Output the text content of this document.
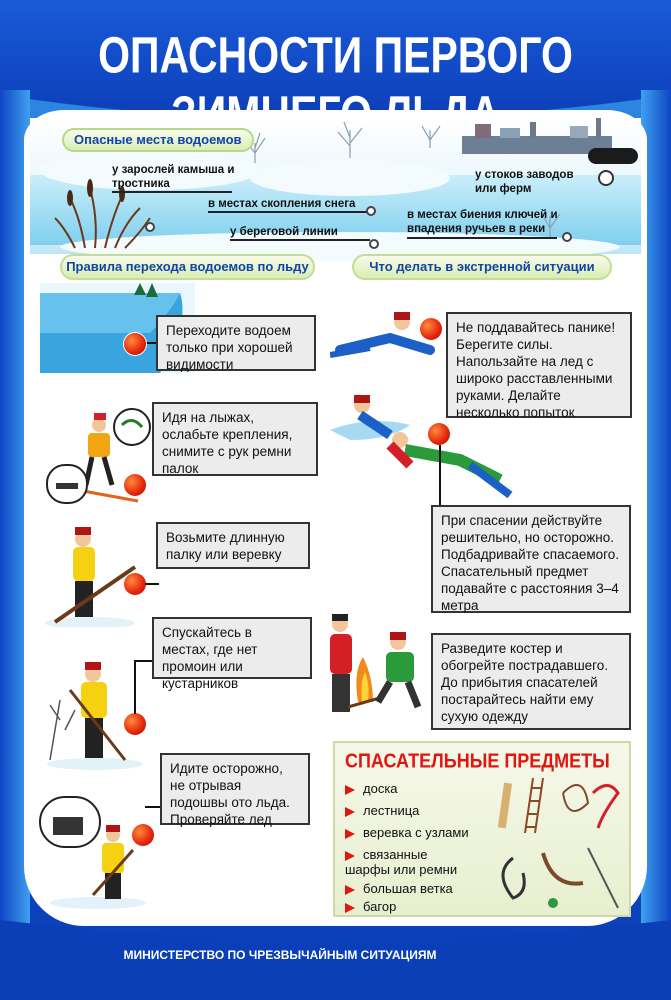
ОПАСНОСТИ ПЕРВОГО
Опасные места водоемов
у зарослей камыша и тростника
в местах скопления снега
у береговой линии
у стоков заводов или ферм
в местах биения ключей и впадения ручьев в реки
Правила перехода водоемов по льду	Что делать в экстренной ситуации
Переходите водоем только при хорошей видимости
Идя на лыжах, ослабьте крепления, снимите с рук ремни палок
Возьмите длинную палку или веревку
Спускайтесь в местах, где нет промоин или кустарников
Идите осторожно, не отрывая подошвы ото льда. Проверяйте лед
Не поддавайтесь панике! Берегите силы. Напользайте на лед с широко расставленными руками. Делайте несколько попыток
При спасении действуйте решительно, но осторожно. Подбадривайте спасаемого. Спасательный предмет подавайте с расстояния 3–4 метра
Разведите костер и обогрейте пострадавшего. До прибытия спасателей постарайтесь найти ему сухую одежду
СПАСАТЕЛЬНЫЕ ПРЕДМЕТЫ
доска
лестница
веревка с узлами
связанные шарфы или ремни
большая ветка
багор
МИНИСТЕРСТВО ПО ЧРЕЗВЫЧАЙНЫМ СИТУАЦИЯМ
